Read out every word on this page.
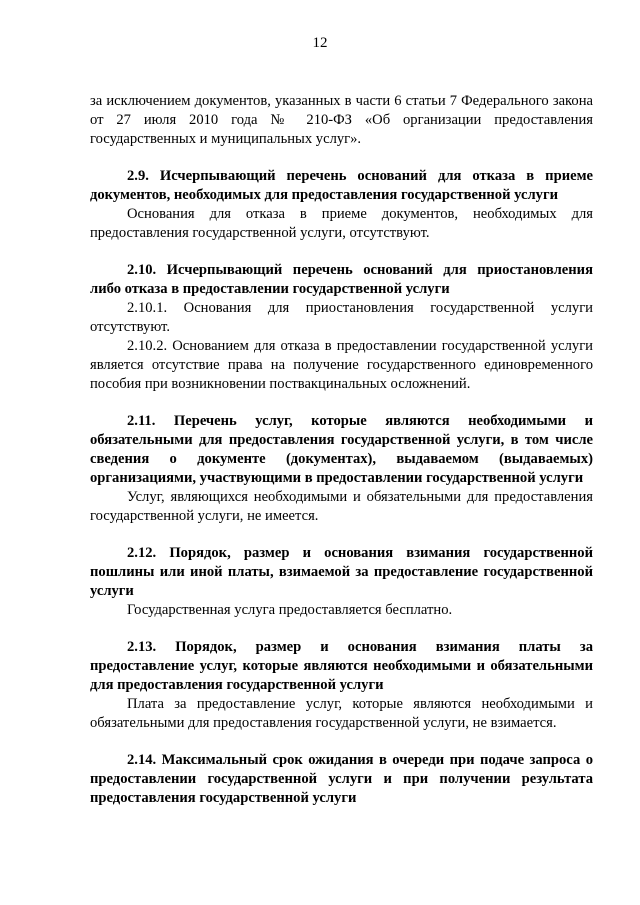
12

за исключением документов, указанных в части 6 статьи 7 Федерального закона от 27 июля 2010 года № 210-ФЗ «Об организации предоставления государственных и муниципальных услуг».

2.9. Исчерпывающий перечень оснований для отказа в приеме документов, необходимых для предоставления государственной услуги

Основания для отказа в приеме документов, необходимых для предоставления государственной услуги, отсутствуют.

2.10. Исчерпывающий перечень оснований для приостановления либо отказа в предоставлении государственной услуги

2.10.1. Основания для приостановления государственной услуги отсутствуют.

2.10.2. Основанием для отказа в предоставлении государственной услуги является отсутствие права на получение государственного единовременного пособия при возникновении поствакцинальных осложнений.

2.11. Перечень услуг, которые являются необходимыми и обязательными для предоставления государственной услуги, в том числе сведения о документе (документах), выдаваемом (выдаваемых) организациями, участвующими в предоставлении государственной услуги

Услуг, являющихся необходимыми и обязательными для предоставления государственной услуги, не имеется.

2.12. Порядок, размер и основания взимания государственной пошлины или иной платы, взимаемой за предоставление государственной услуги

Государственная услуга предоставляется бесплатно.

2.13. Порядок, размер и основания взимания платы за предоставление услуг, которые являются необходимыми и обязательными для предоставления государственной услуги

Плата за предоставление услуг, которые являются необходимыми и обязательными для предоставления государственной услуги, не взимается.

2.14. Максимальный срок ожидания в очереди при подаче запроса о предоставлении государственной услуги и при получении результата предоставления государственной услуги
